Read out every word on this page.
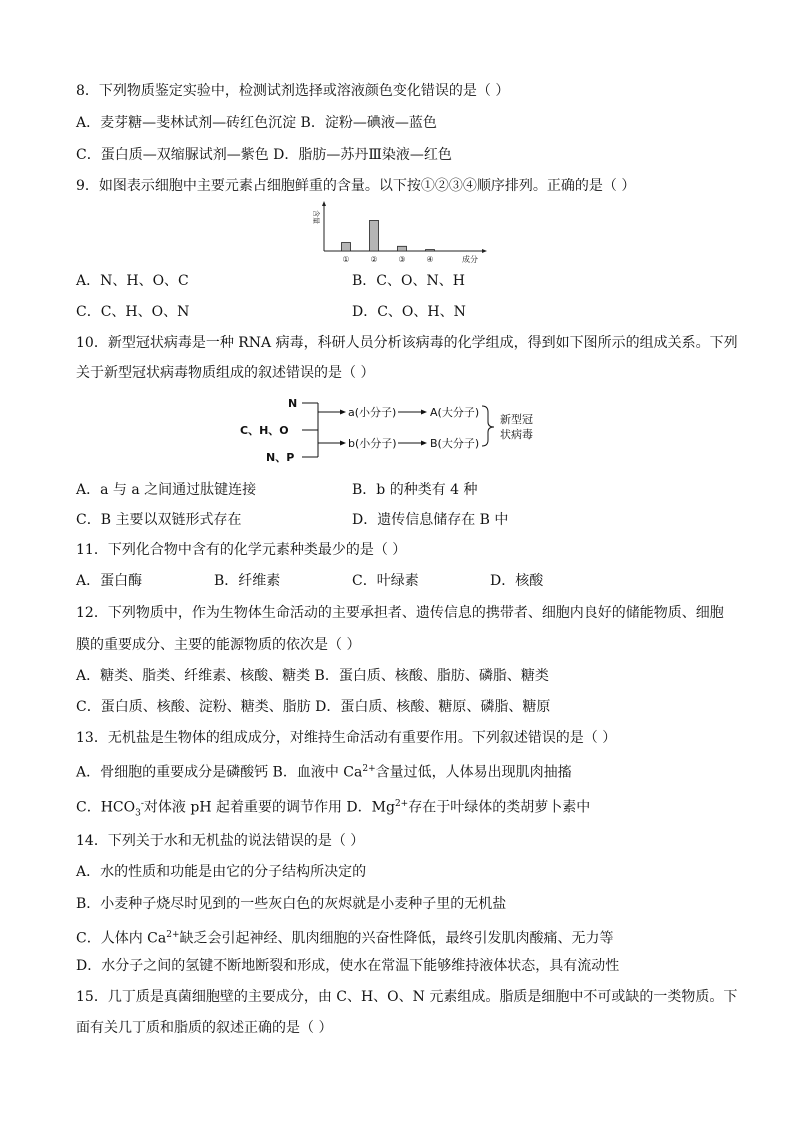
8．下列物质鉴定实验中，检测试剂选择或溶液颜色变化错误的是（ ）
A．麦芽糖—斐林试剂—砖红色沉淀 B．淀粉—碘液—蓝色
C．蛋白质—双缩脲试剂—紫色 D．脂肪—苏丹Ⅲ染液—红色
9．如图表示细胞中主要元素占细胞鲜重的含量。以下按①②③④顺序排列。正确的是（ ）
含量
①	②	③	④	成分
A．N、H、O、C	B．C、O、N、H
C．C、H、O、N	D．C、O、H、N
10．新型冠状病毒是一种 RNA 病毒，科研人员分析该病毒的化学组成，得到如下图所示的组成关系。下列
关于新型冠状病毒物质组成的叙述错误的是（ ）
N
C、H、O
N、P
a(小分子)	A(大分子)
b(小分子)	B(大分子)
新型冠
状病毒
A．a 与 a 之间通过肽键连接	B．b 的种类有 4 种
C．B 主要以双链形式存在	D．遗传信息储存在 B 中
11．下列化合物中含有的化学元素种类最少的是（ ）
A．蛋白酶	B．纤维素	C．叶绿素	D．核酸
12．下列物质中，作为生物体生命活动的主要承担者、遗传信息的携带者、细胞内良好的储能物质、细胞
膜的重要成分、主要的能源物质的依次是（ ）
A．糖类、脂类、纤维素、核酸、糖类 B．蛋白质、核酸、脂肪、磷脂、糖类
C．蛋白质、核酸、淀粉、糖类、脂肪 D．蛋白质、核酸、糖原、磷脂、糖原
13．无机盐是生物体的组成成分，对维持生命活动有重要作用。下列叙述错误的是（ ）
A．骨细胞的重要成分是磷酸钙 B．血液中 $Ca^{2+}$含量过低，人体易出现肌肉抽搐
C．$HCO_3^-$对体液 pH 起着重要的调节作用 D．$Mg^{2+}$存在于叶绿体的类胡萝卜素中
14．下列关于水和无机盐的说法错误的是（ ）
A．水的性质和功能是由它的分子结构所决定的
B．小麦种子烧尽时见到的一些灰白色的灰烬就是小麦种子里的无机盐
C．人体内 $Ca^{2+}$缺乏会引起神经、肌肉细胞的兴奋性降低，最终引发肌肉酸痛、无力等
D．水分子之间的氢键不断地断裂和形成，使水在常温下能够维持液体状态，具有流动性
15．几丁质是真菌细胞壁的主要成分，由 C、H、O、N 元素组成。脂质是细胞中不可或缺的一类物质。下
面有关几丁质和脂质的叙述正确的是（ ）
